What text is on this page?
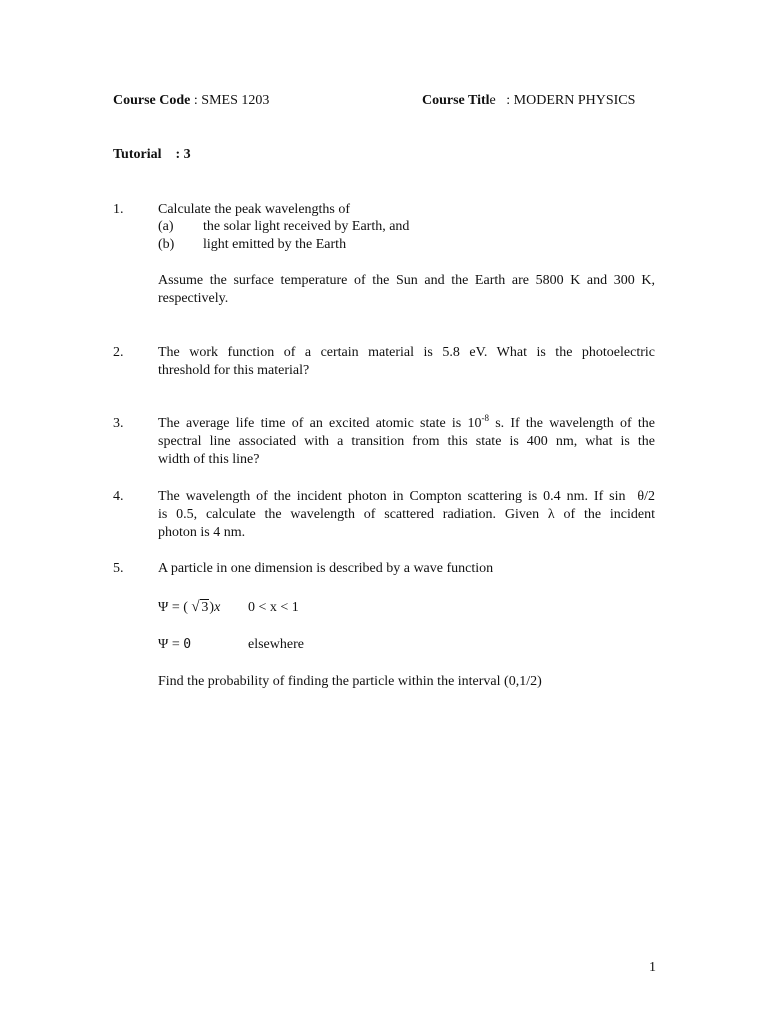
Course Code : SMES 1203	Course Title   : MODERN PHYSICS
Tutorial : 3
1. Calculate the peak wavelengths of
(a) the solar light received by Earth, and
(b) light emitted by the Earth
Assume the surface temperature of the Sun and the Earth are 5800 K and 300 K,
respectively.
2. The work function of a certain material is 5.8 eV. What is the photoelectric
threshold for this material?
3. The average life time of an excited atomic state is $10^{-8}$ s. If the wavelength of the
spectral line associated with a transition from this state is 400 nm, what is the
width of this line?
4. The wavelength of the incident photon in Compton scattering is 0.4 nm. If sin θ/2
is 0.5, calculate the wavelength of scattered radiation. Given λ of the incident
photon is 4 nm.
5. A particle in one dimension is described by a wave function
Ψ = ( √ 3)x 0 < x < 1
Ψ = 0	elsewhere
Find the probability of finding the particle within the interval (0,1/2)
1
